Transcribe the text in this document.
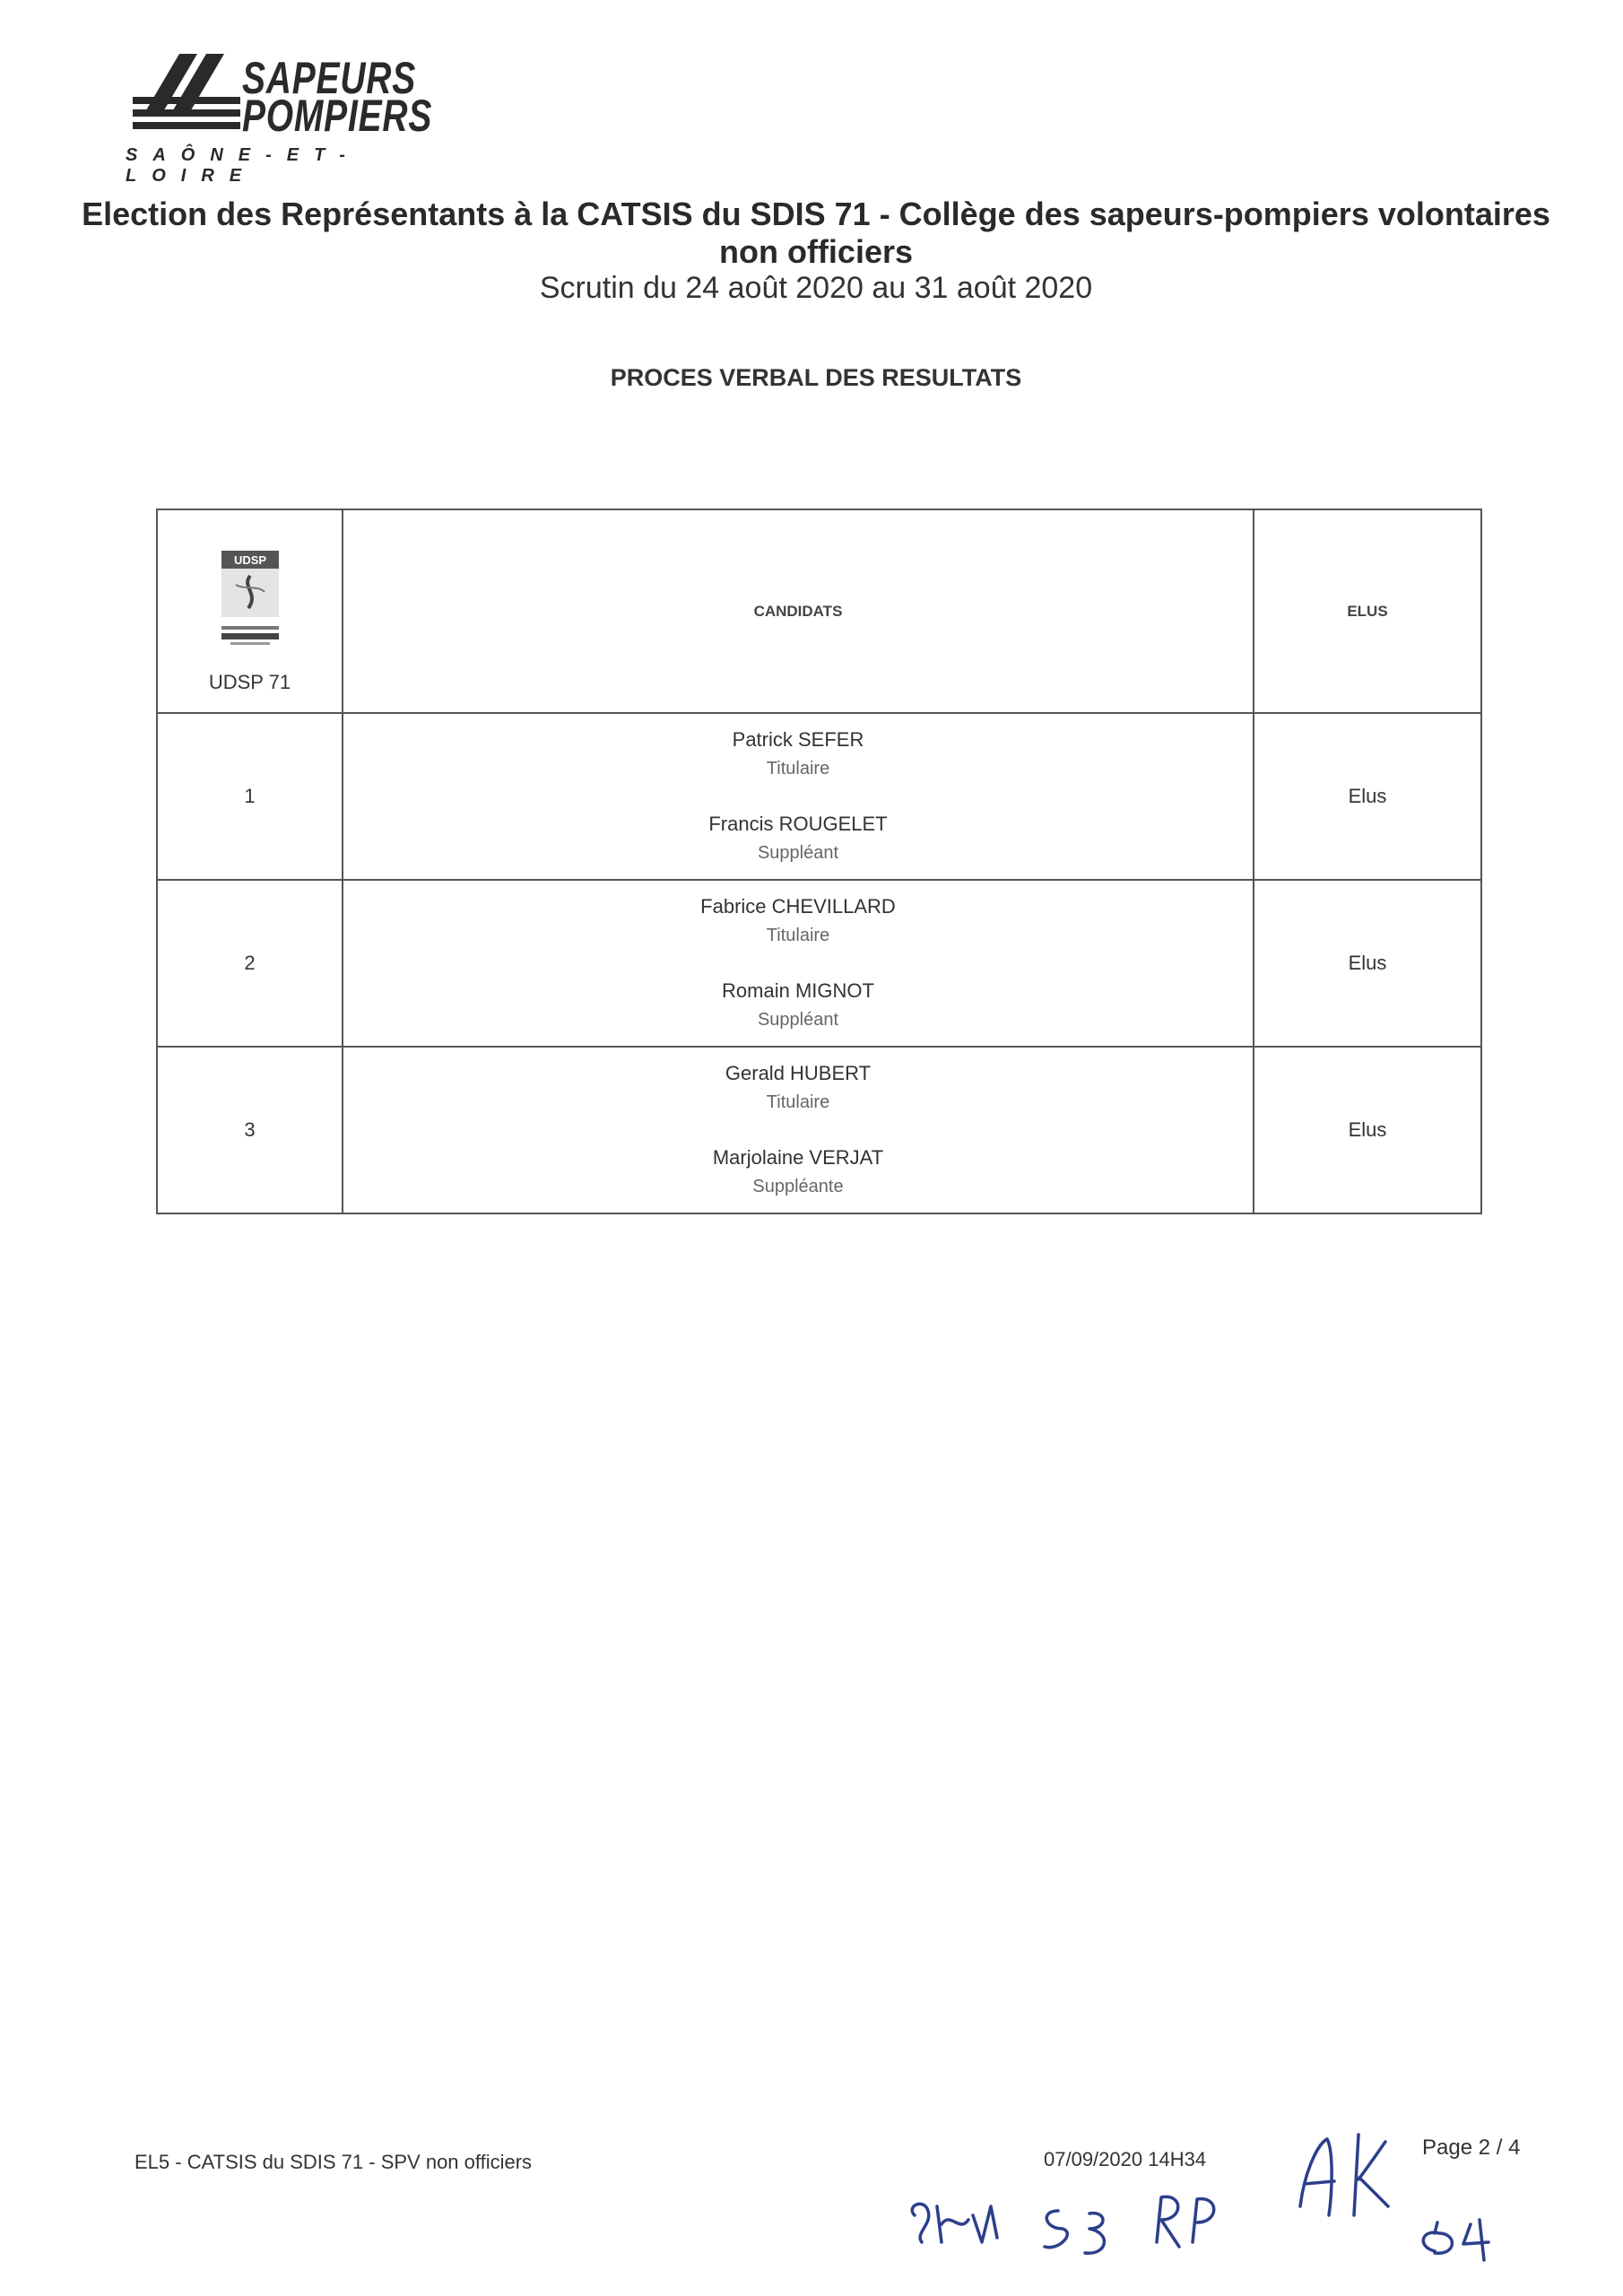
SAPEURS
POMPIERS
SAÔNE-ET-LOIRE
Election des Représentants à la CATSIS du SDIS 71 - Collège des sapeurs-pompiers volontaires non officiers
Scrutin du 24 août 2020 au 31 août 2020
PROCES VERBAL DES RESULTATS
UDSP
UDSP 71	CANDIDATS	ELUS
1	Patrick SEFER
Titulaire
Francis ROUGELET
Suppléant	Elus
2	Fabrice CHEVILLARD
Titulaire
Romain MIGNOT
Suppléant	Elus
3	Gerald HUBERT
Titulaire
Marjolaine VERJAT
Suppléante	Elus
EL5 - CATSIS du SDIS 71 - SPV non officiers	07/09/2020 14H34	Page 2 / 4
